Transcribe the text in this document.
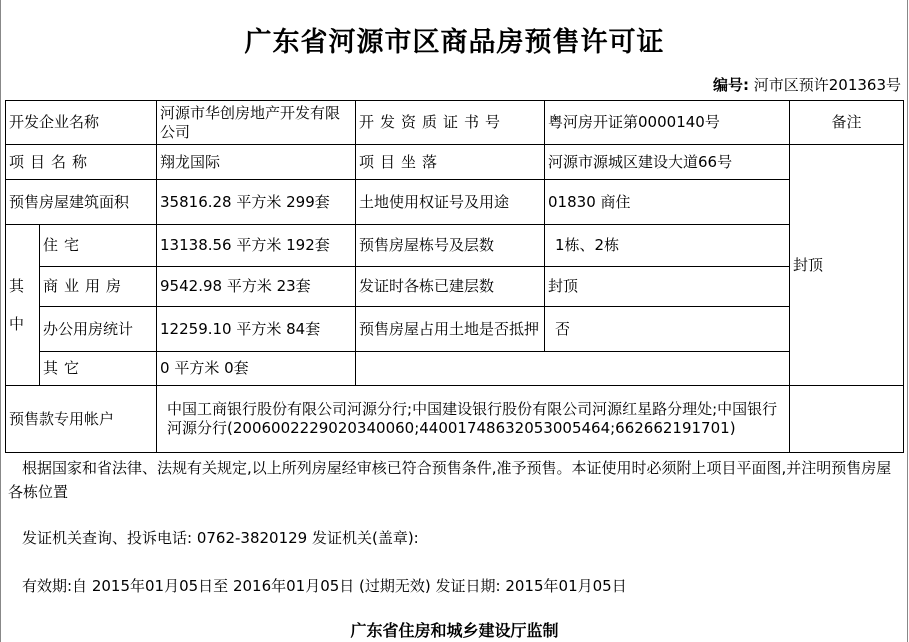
广东省河源市区商品房预售许可证
编号: 河市区预许201363号
开发企业名称		河源市华创房地产开发有限公司	开发资质证书号	粤河房开证第0000140号	备注
项目名称		翔龙国际	项目坐落	河源市源城区建设大道66号	封顶
预售房屋建筑面积		35816.28 平方米 299套	土地使用权证号及用途	01830 商住	

其
中	住宅	13138.56 平方米 192套	预售房屋栋号及层数	1栋、2栋	
	商业用房	9542.98 平方米 23套	发证时各栋已建层数	封顶	
	办公用房统计	12259.10 平方米 84套	预售房屋占用土地是否抵押	否	
	其它	0 平方米 0套			
预售款专用帐户		中国工商银行股份有限公司河源分行;中国建设银行股份有限公司河源红星路分理处;中国银行河源分行(2006002229020340060;44001748632053005464;662662191701)			
根据国家和省法律、法规有关规定,以上所列房屋经审核已符合预售条件,准予预售。本证使用时必须附上项目平面图,并注明预售房屋各栋位置
发证机关查询、投诉电话: 0762-3820129 发证机关(盖章):
有效期:自 2015年01月05日至 2016年01月05日 (过期无效) 发证日期: 2015年01月05日
广东省住房和城乡建设厅监制
